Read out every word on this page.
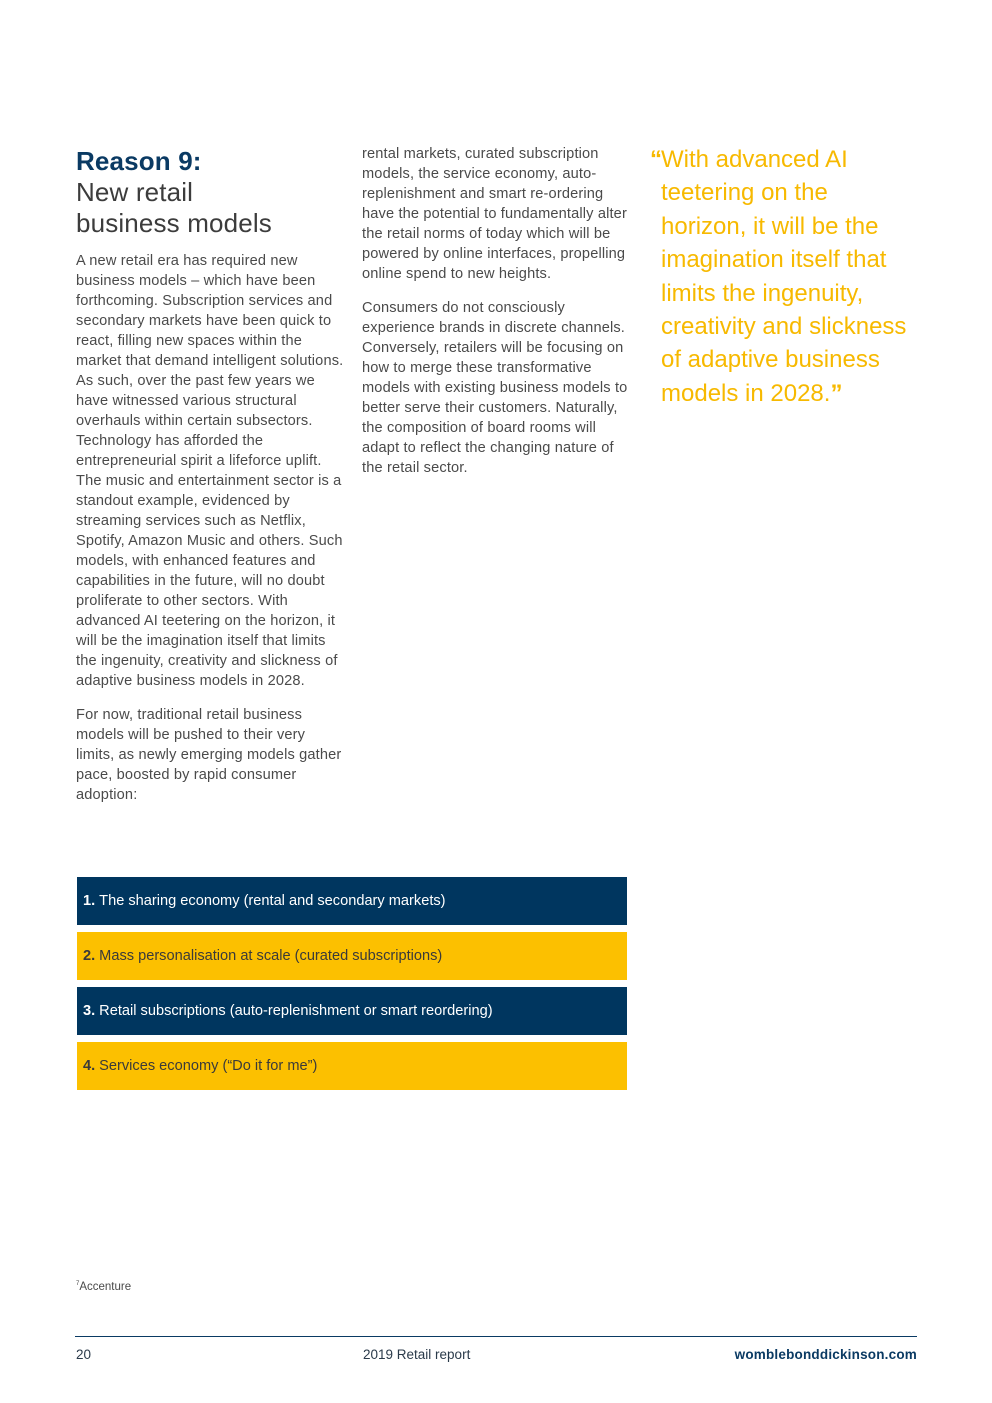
Reason 9:
New retail
business models

A new retail era has required new business models – which have been forthcoming. Subscription services and secondary markets have been quick to react, filling new spaces within the market that demand intelligent solutions. As such, over the past few years we have witnessed various structural overhauls within certain subsectors. Technology has afforded the entrepreneurial spirit a lifeforce uplift. The music and entertainment sector is a standout example, evidenced by streaming services such as Netflix, Spotify, Amazon Music and others. Such models, with enhanced features and capabilities in the future, will no doubt proliferate to other sectors. With advanced AI teetering on the horizon, it will be the imagination itself that limits the ingenuity, creativity and slickness of adaptive business models in 2028.

For now, traditional retail business models will be pushed to their very limits, as newly emerging models gather pace, boosted by rapid consumer adoption:

rental markets, curated subscription models, the service economy, auto-replenishment and smart re-ordering have the potential to fundamentally alter the retail norms of today which will be powered by online interfaces, propelling online spend to new heights.

Consumers do not consciously experience brands in discrete channels. Conversely, retailers will be focusing on how to merge these transformative models with existing business models to better serve their customers. Naturally, the composition of board rooms will adapt to reflect the changing nature of the retail sector.

“ With advanced AI teetering on the horizon, it will be the imagination itself that limits the ingenuity, creativity and slickness of adaptive business models in 2028.”
1. The sharing economy (rental and secondary markets)
2. Mass personalisation at scale (curated subscriptions)
3. Retail subscriptions (auto-replenishment or smart reordering)
4. Services economy (“Do it for me”)
$^7$Accenture
20	2019 Retail report	womblebonddickinson.com
